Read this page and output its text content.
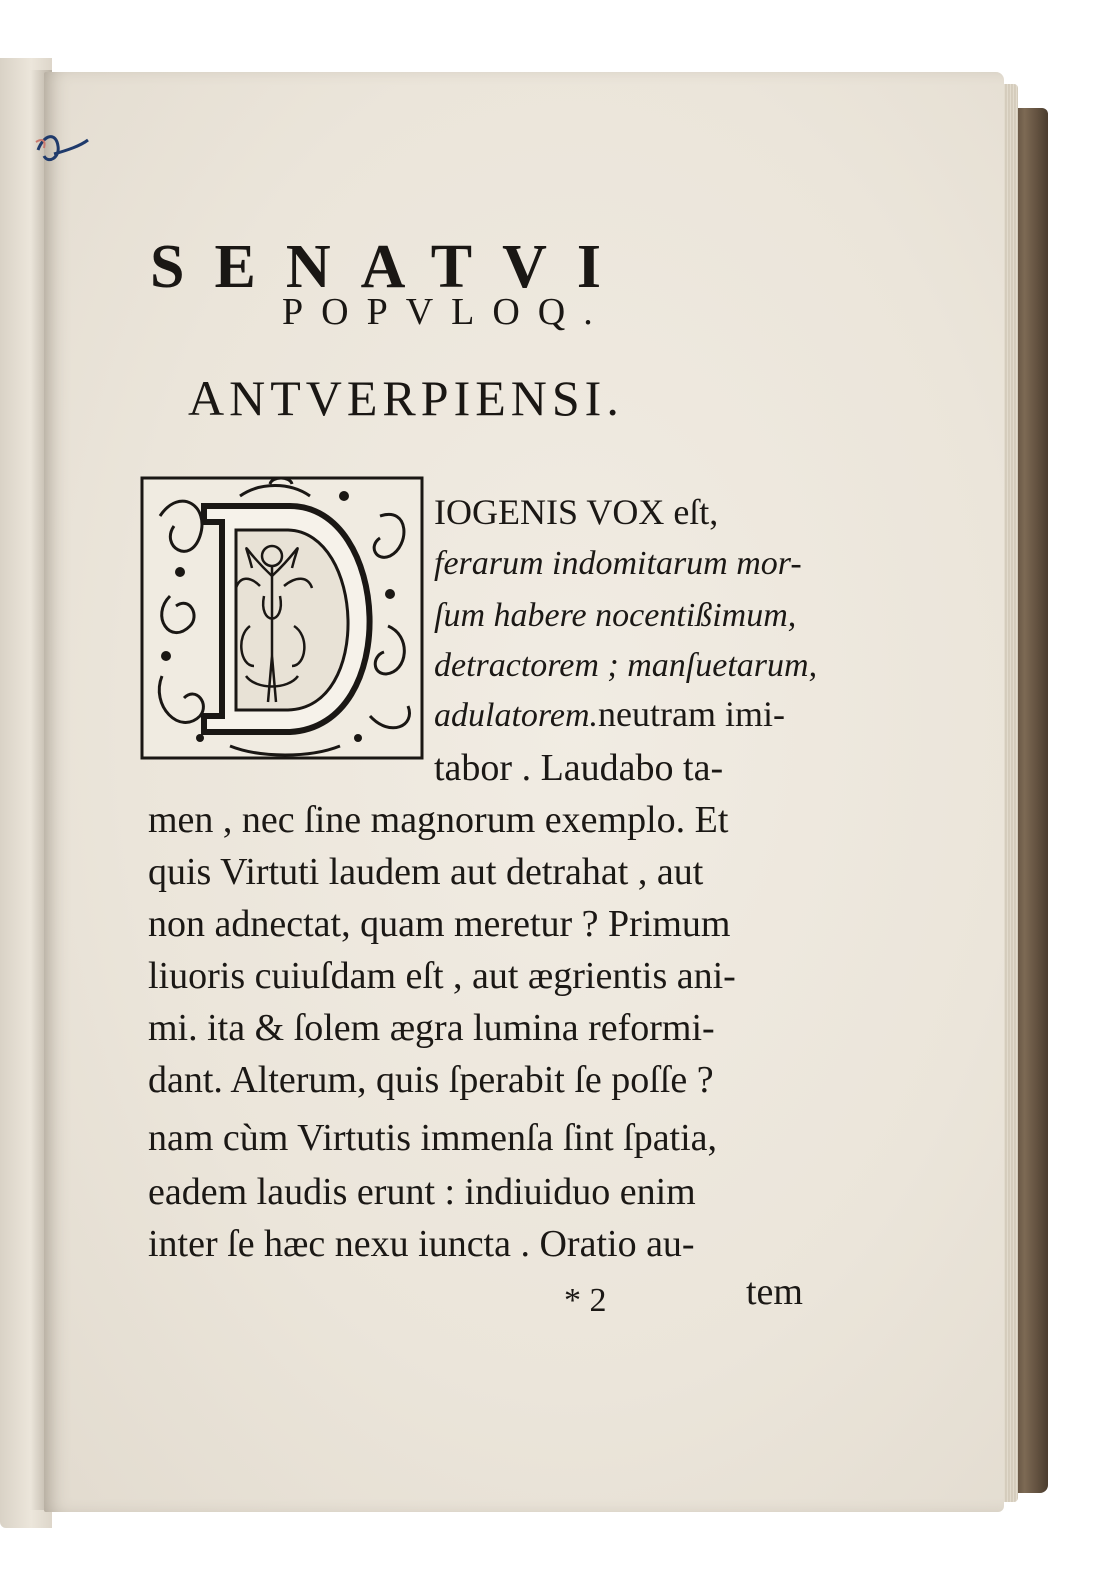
SENATVI
POPVLOQ.
ANTVERPIENSI.
IOGENIS VOX eſt,
ferarum indomitarum mor-
ſum habere nocentißimum,
detractorem ; manſuetarum,
adulatorem.neutram imi-
tabor . Laudabo ta-
men , nec ſine magnorum exemplo. Et
quis Virtuti laudem aut detrahat , aut
non adnectat, quam meretur ? Primum
liuoris cuiuſdam eſt , aut ægrientis ani-
mi. ita & ſolem ægra lumina reformi-
dant. Alterum, quis ſperabit ſe poſſe ?
nam cùm Virtutis immenſa ſint ſpatia,
eadem laudis erunt : indiuiduo enim
inter ſe hæc nexu iuncta . Oratio au-
* 2	tem
